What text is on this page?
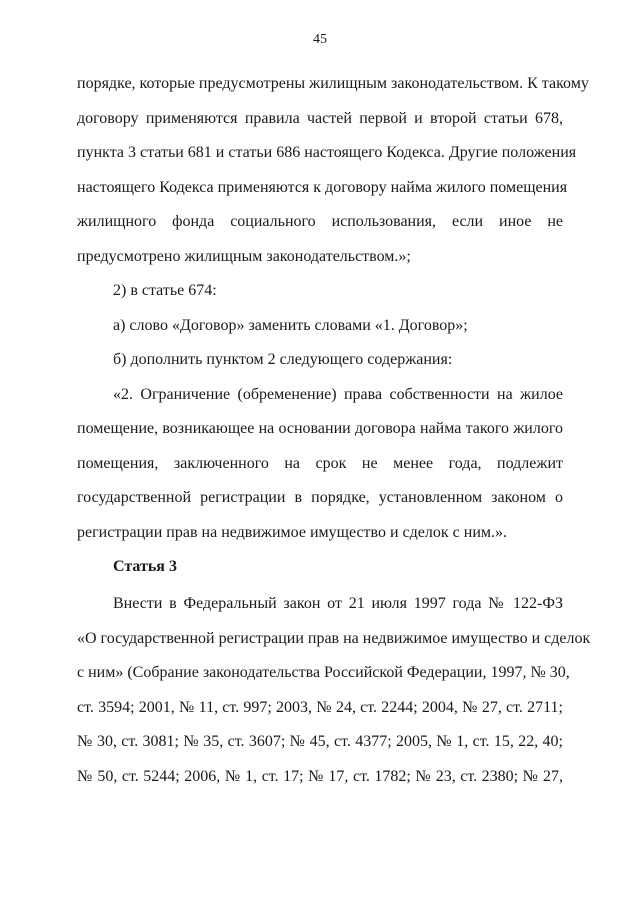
45
порядке, которые предусмотрены жилищным законодательством. К такому
договору применяются правила частей первой и второй статьи 678,
пункта 3 статьи 681 и статьи 686 настоящего Кодекса. Другие положения
настоящего Кодекса применяются к договору найма жилого помещения
жилищного фонда социального использования, если иное не
предусмотрено жилищным законодательством.»;
2) в статье 674:
а) слово «Договор» заменить словами «1. Договор»;
б) дополнить пунктом 2 следующего содержания:
«2. Ограничение (обременение) права собственности на жилое
помещение, возникающее на основании договора найма такого жилого
помещения, заключенного на срок не менее года, подлежит
государственной регистрации в порядке, установленном законом о
регистрации прав на недвижимое имущество и сделок с ним.».
Статья 3
Внести в Федеральный закон от 21 июля 1997 года № 122-ФЗ
«О государственной регистрации прав на недвижимое имущество и сделок
с ним» (Собрание законодательства Российской Федерации, 1997, № 30,
ст. 3594; 2001, № 11, ст. 997; 2003, № 24, ст. 2244; 2004, № 27, ст. 2711;
№ 30, ст. 3081; № 35, ст. 3607; № 45, ст. 4377; 2005, № 1, ст. 15, 22, 40;
№ 50, ст. 5244; 2006, № 1, ст. 17; № 17, ст. 1782; № 23, ст. 2380; № 27,
